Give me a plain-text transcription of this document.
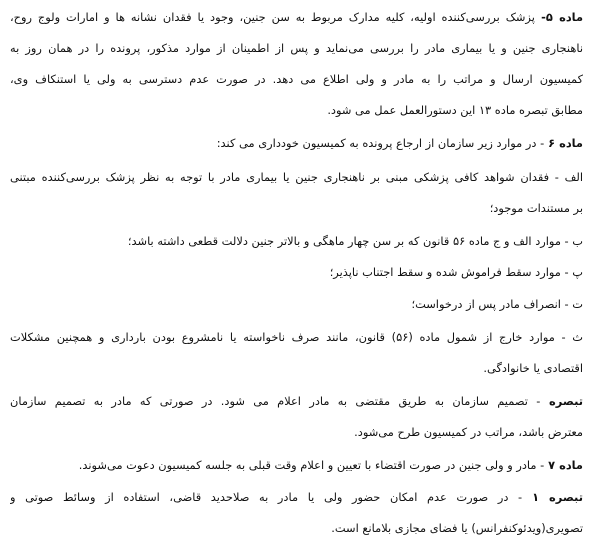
ماده ۵- پزشک بررسی‌کننده اولیه، کلیه مدارک مربوط به سن جنین، وجود یا فقدان نشانه ها و امارات ولوج روح،
ناهنجاری جنین و یا بیماری مادر را بررسی می‌نماید و پس از اطمینان از موارد مذکور، پرونده را در همان روز به
کمیسیون ارسال و مراتب را به مادر و ولی اطلاع می دهد. در صورت عدم دسترسی به ولی یا استنکاف وی،
مطابق تبصره ماده ۱۳ این دستورالعمل عمل می شود.
ماده ۶ - در موارد زیر سازمان از ارجاع پرونده به کمیسیون خودداری می کند:
الف - فقدان شواهد کافی پزشکی مبنی بر ناهنجاری جنین یا بیماری مادر با توجه به نظر پزشک بررسی‌کننده مبتنی
بر مستندات موجود؛
ب - موارد الف و ج ماده ۵۶ قانون که بر سن چهار ماهگی و بالاتر جنین دلالت قطعی داشته باشد؛
پ - موارد سقط فراموش شده و سقط اجتناب ناپذیر؛
ت - انصراف مادر پس از درخواست؛
ث - موارد خارج از شمول ماده (۵۶) قانون، مانند صرف ناخواسته یا نامشروع بودن بارداری و همچنین مشکلات
اقتصادی یا خانوادگی.
تبصره - تصمیم سازمان به طریق مقتضی به مادر اعلام می شود. در صورتی که مادر به تصمیم سازمان
معترض باشد، مراتب در کمیسیون طرح می‌شود.
ماده ۷ - مادر و ولی جنین در صورت اقتضاء با تعیین و اعلام وقت قبلی به جلسه کمیسیون دعوت می‌شوند.
تبصره ۱ - در صورت عدم امکان حضور ولی یا مادر به صلاحدید قاضی، استفاده از وسائط صوتی و
تصویری(ویدئوکنفرانس) یا فضای مجازی بلامانع است.
